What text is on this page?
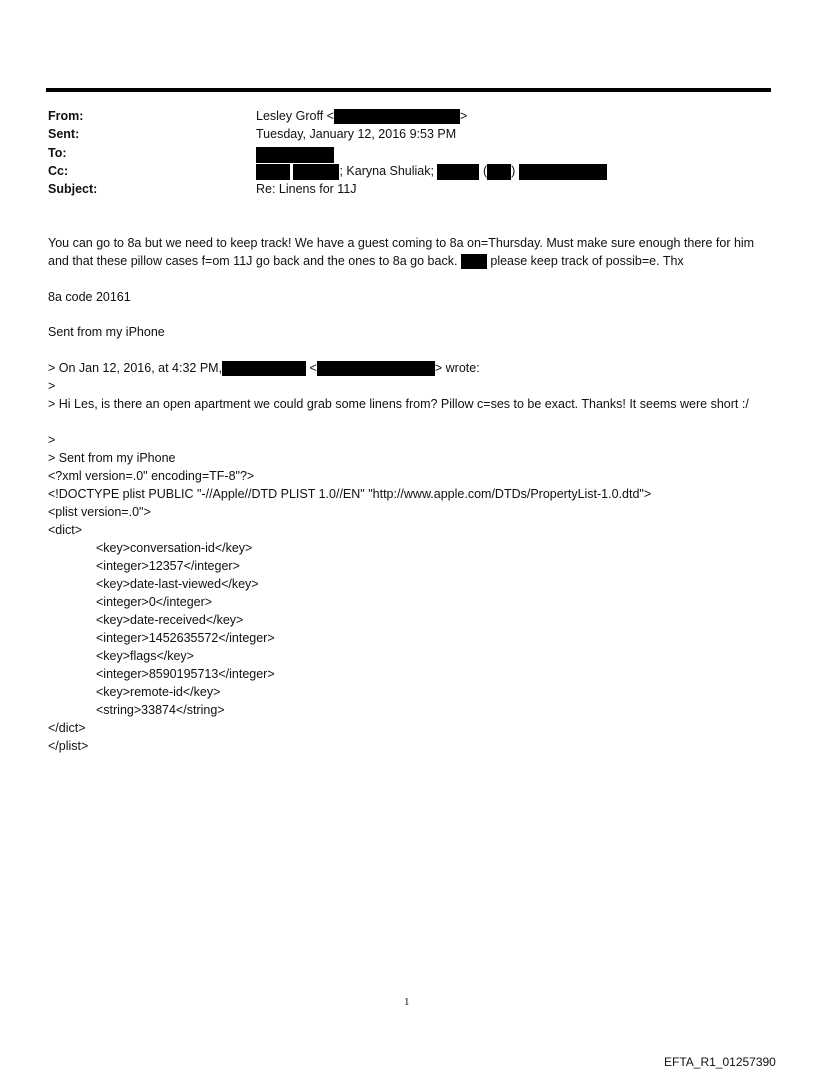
From:	Lesley Groff <	>
Sent:	Tuesday, January 12, 2016 9:53 PM
To:
Cc:	; Karyna Shuliak;	( )
Subject:	Re: Linens for 11J
You can go to 8a but we need to keep track! We have a guest coming to 8a on=Thursday. Must make sure enough there for him and that these pillow cases f=om 11J go back and the ones to 8a go back.  please keep track of possib=e. Thx
8a code 20161
Sent from my iPhone
> On Jan 12, 2016, at 4:32 PM,	<	> wrote:
>
> Hi Les, is there an open apartment we could grab some linens from? Pillow c=ses to be exact. Thanks! It seems were short :/
>
> Sent from my iPhone
<?xml version=.0" encoding=TF-8"?>
<!DOCTYPE plist PUBLIC "-//Apple//DTD PLIST 1.0//EN" "http://www.apple.com/DTDs/PropertyList-1.0.dtd">
<plist version=.0">
<dict>
<key>conversation-id</key>
<integer>12357</integer>
<key>date-last-viewed</key>
<integer>0</integer>
<key>date-received</key>
<integer>1452635572</integer>
<key>flags</key>
<integer>8590195713</integer>
<key>remote-id</key>
<string>33874</string>
</dict>
</plist>
1
EFTA_R1_01257390
